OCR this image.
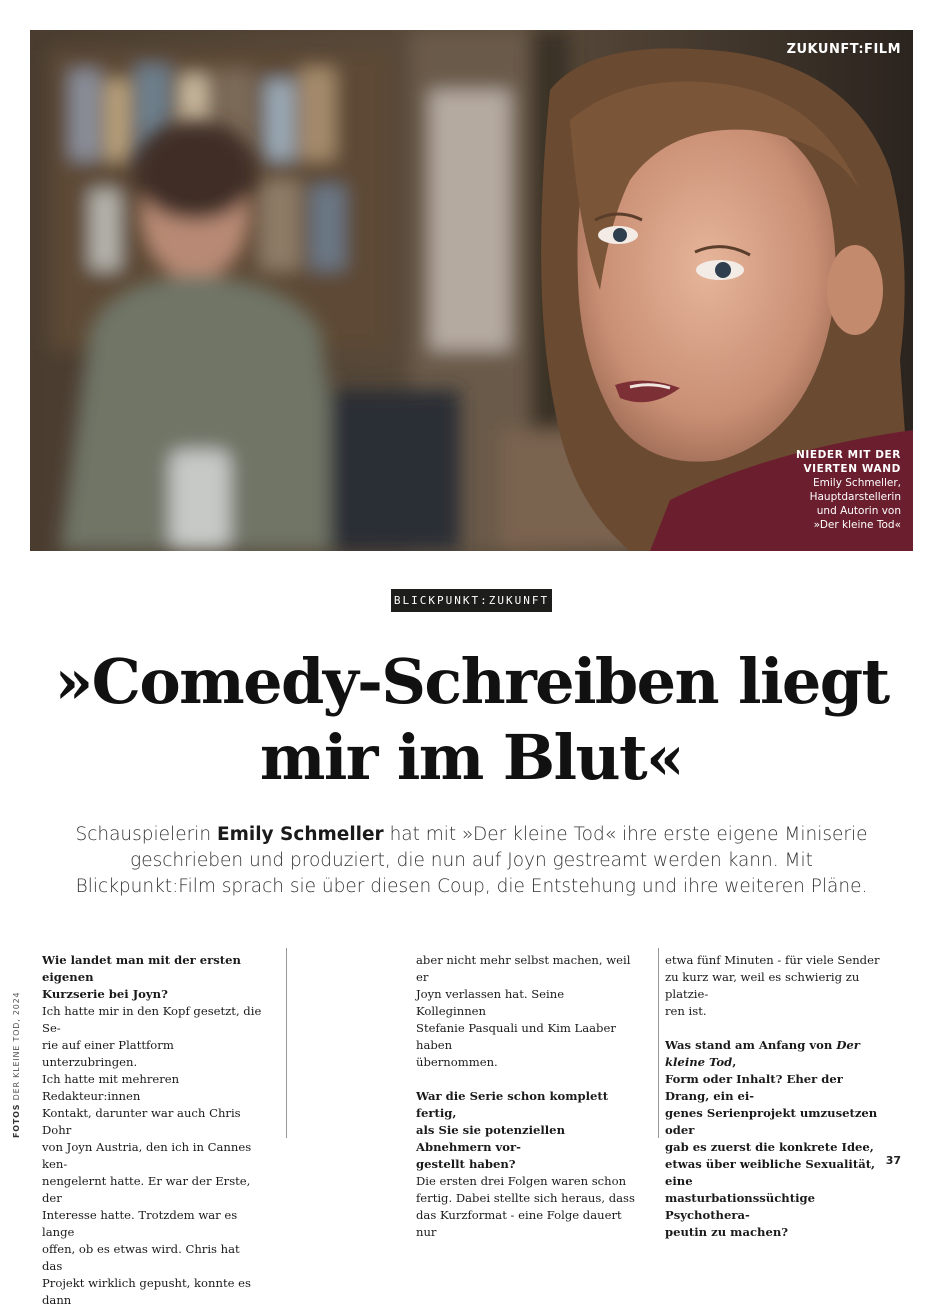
ZUKUNFT:FILM
NIEDER MIT DER
VIERTEN WAND
Emily Schmeller,
Hauptdarstellerin
und Autorin von
»Der kleine Tod«
BLICKPUNKT:ZUKUNFT
»Comedy-Schreiben liegt
mir im Blut«

Schauspielerin Emily Schmeller hat mit »Der kleine Tod« ihre erste eigene Miniserie geschrieben und produziert, die nun auf Joyn gestreamt werden kann. Mit Blickpunkt:Film sprach sie über diesen Coup, die Entstehung und ihre weiteren Pläne.

Wie landet man mit der ersten eigenen

Kurzserie bei Joyn?

Ich hatte mir in den Kopf gesetzt, die Se-

rie auf einer Plattform unterzubringen.

Ich hatte mit mehreren Redakteur:innen

Kontakt, darunter war auch Chris Dohr

von Joyn Austria, den ich in Cannes ken-

nengelernt hatte. Er war der Erste, der

Interesse hatte. Trotzdem war es lange

offen, ob es etwas wird. Chris hat das

Projekt wirklich gepusht, konnte es dann

aber nicht mehr selbst machen, weil er

Joyn verlassen hat. Seine Kolleginnen

Stefanie Pasquali und Kim Laaber haben

übernommen.

War die Serie schon komplett fertig,

als Sie sie potenziellen Abnehmern vor-

gestellt haben?

Die ersten drei Folgen waren schon

fertig. Dabei stellte sich heraus, dass

das Kurzformat - eine Folge dauert nur

etwa fünf Minuten - für viele Sender

zu kurz war, weil es schwierig zu platzie-

ren ist.

Was stand am Anfang von Der kleine Tod,

Form oder Inhalt? Eher der Drang, ein ei-

genes Serienprojekt umzusetzen oder

gab es zuerst die konkrete Idee,

etwas über weibliche Sexualität, eine

masturbationssüchtige Psychothera-

peutin zu machen?

FOTOS DER KLEINE TOD, 2024
37
